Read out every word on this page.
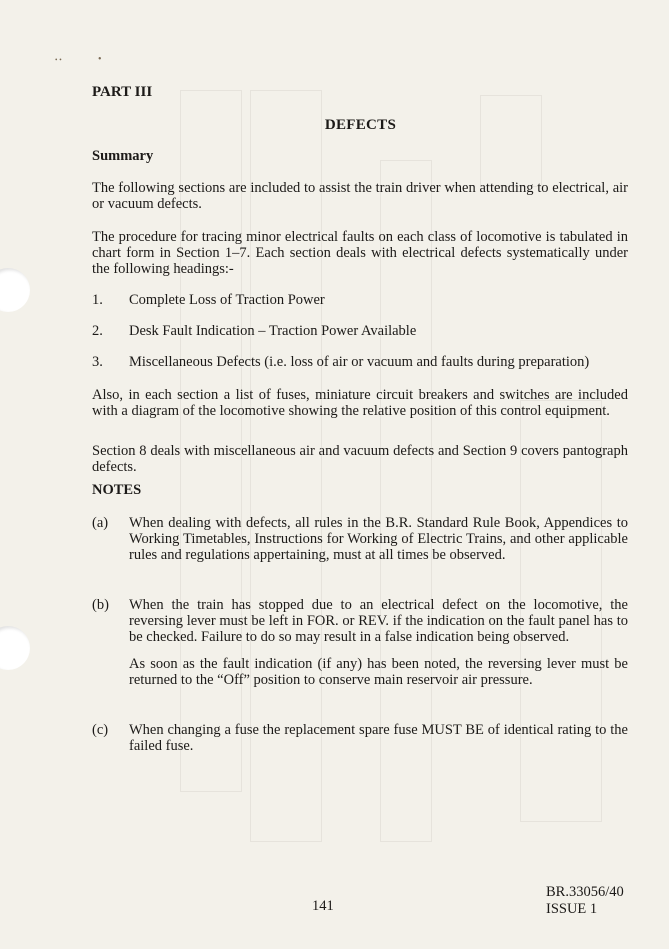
•
• •
PART III
DEFECTS
Summary

The following sections are included to assist the train driver when attending to electrical, air or vacuum defects.

The procedure for tracing minor electrical faults on each class of locomotive is tabulated in chart form in Section 1–7. Each section deals with electrical defects systematically under the following headings:-

1. Complete Loss of Traction Power
2. Desk Fault Indication – Traction Power Available
3. Miscellaneous Defects (i.e. loss of air or vacuum and faults during preparation)

Also, in each section a list of fuses, miniature circuit breakers and switches are included with a diagram of the locomotive showing the relative position of this control equipment.

Section 8 deals with miscellaneous air and vacuum defects and Section 9 covers pantograph defects.

NOTES
(a) When dealing with defects, all rules in the B.R. Standard Rule Book, Appendices to Working Timetables, Instructions for Working of Electric Trains, and other applicable rules and regulations appertaining, must at all times be observed.
(b) When the train has stopped due to an electrical defect on the locomotive, the reversing lever must be left in FOR. or REV. if the indication on the fault panel has to be checked. Failure to do so may result in a false indication being observed.

As soon as the fault indication (if any) has been noted, the reversing lever must be returned to the “Off” position to conserve main reservoir air pressure.

(c) When changing a fuse the replacement spare fuse MUST BE of identical rating to the failed fuse.
141
BR.33056/40
ISSUE 1
